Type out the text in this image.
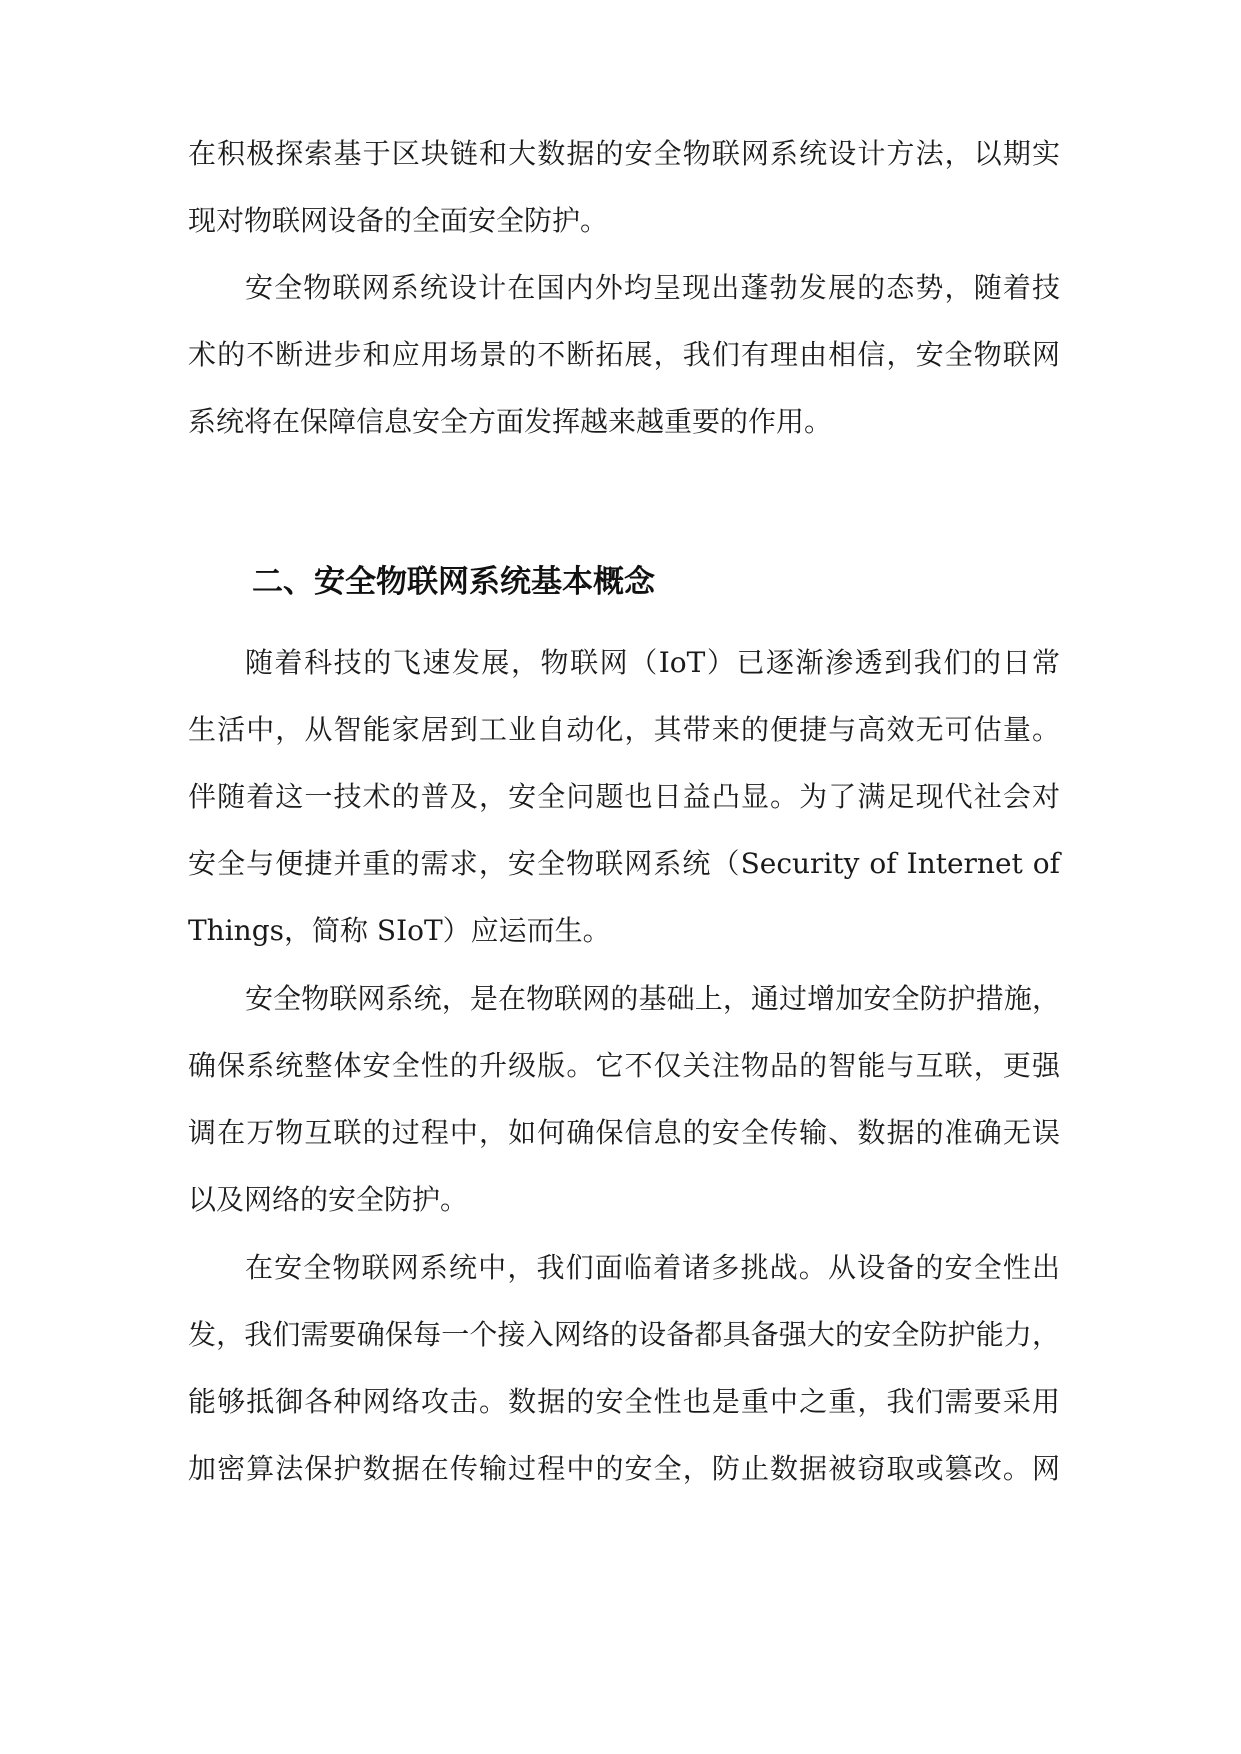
在积极探索基于区块链和大数据的安全物联网系统设计方法，以期实
现对物联网设备的全面安全防护。
安全物联网系统设计在国内外均呈现出蓬勃发展的态势，随着技
术的不断进步和应用场景的不断拓展，我们有理由相信，安全物联网
系统将在保障信息安全方面发挥越来越重要的作用。
二、安全物联网系统基本概念
随着科技的飞速发展，物联网（IoT）已逐渐渗透到我们的日常
生活中，从智能家居到工业自动化，其带来的便捷与高效无可估量。
伴随着这一技术的普及，安全问题也日益凸显。为了满足现代社会对
安全与便捷并重的需求，安全物联网系统（Security of Internet of
Things，简称 SIoT）应运而生。
安全物联网系统，是在物联网的基础上，通过增加安全防护措施，
确保系统整体安全性的升级版。它不仅关注物品的智能与互联，更强
调在万物互联的过程中，如何确保信息的安全传输、数据的准确无误
以及网络的安全防护。
在安全物联网系统中，我们面临着诸多挑战。从设备的安全性出
发，我们需要确保每一个接入网络的设备都具备强大的安全防护能力，
能够抵御各种网络攻击。数据的安全性也是重中之重，我们需要采用
加密算法保护数据在传输过程中的安全，防止数据被窃取或篡改。网
